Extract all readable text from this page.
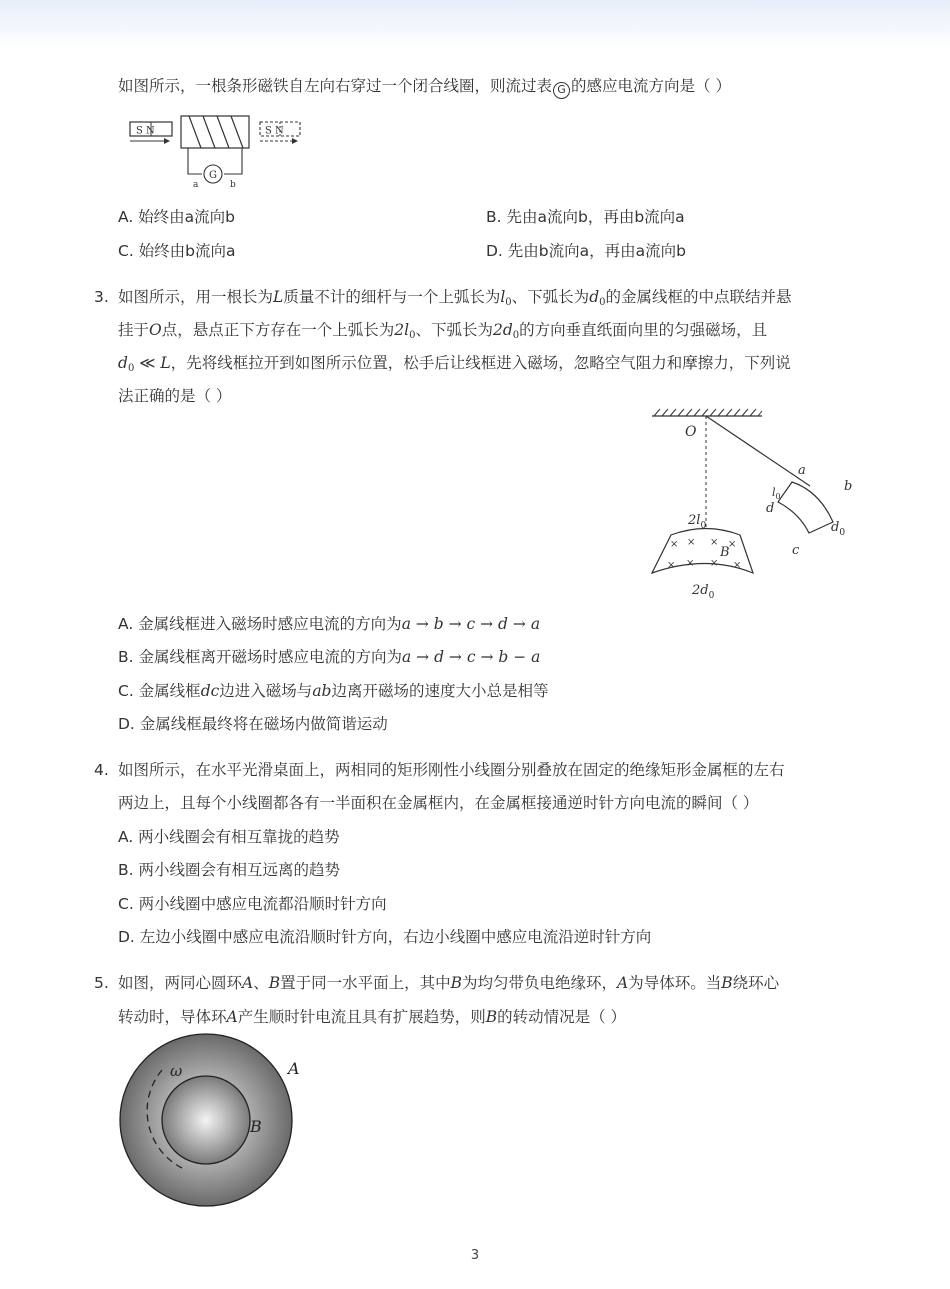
如图所示，一根条形磁铁自左向右穿过一个闭合线圈，则流过表 G 的感应电流方向是（ ）
S N
G
a	b
S N
A. 始终由a流向b	B. 先由a流向b，再由b流向a
C. 始终由b流向a	D. 先由b流向a，再由a流向b
3. 如图所示，用一根长为L质量不计的细杆与一个上弧长为$l_0$、下弧长为$d_0$的金属线框的中点联结并悬
挂于O点，悬点正下方存在一个上弧长为$2l_0$、下弧长为$2d_0$的方向垂直纸面向里的匀强磁场，且
$d_0$ ≪ L，先将线框拉开到如图所示位置，松手后让线框进入磁场，忽略空气阻力和摩擦力，下列说
法正确的是（ ）
O
a
b
c
d
$l_0$
$d_0$
× × × ×
× × × ×
B
$2l_0$
$2d_0$
A. 金属线框进入磁场时感应电流的方向为a → b → c → d → a
B. 金属线框离开磁场时感应电流的方向为a → d → c → b − a
C. 金属线框dc边进入磁场与ab边离开磁场的速度大小总是相等
D. 金属线框最终将在磁场内做简谐运动
4. 如图所示，在水平光滑桌面上，两相同的矩形刚性小线圈分别叠放在固定的绝缘矩形金属框的左右
两边上，且每个小线圈都各有一半面积在金属框内，在金属框接通逆时针方向电流的瞬间（ ）
A. 两小线圈会有相互靠拢的趋势
B. 两小线圈会有相互远离的趋势
C. 两小线圈中感应电流都沿顺时针方向
D. 左边小线圈中感应电流沿顺时针方向，右边小线圈中感应电流沿逆时针方向
5. 如图，两同心圆环A、B置于同一水平面上，其中B为均匀带负电绝缘环，A为导体环。当B绕环心
转动时，导体环A产生顺时针电流且具有扩展趋势，则B的转动情况是（ ）
ω	A
B
3
